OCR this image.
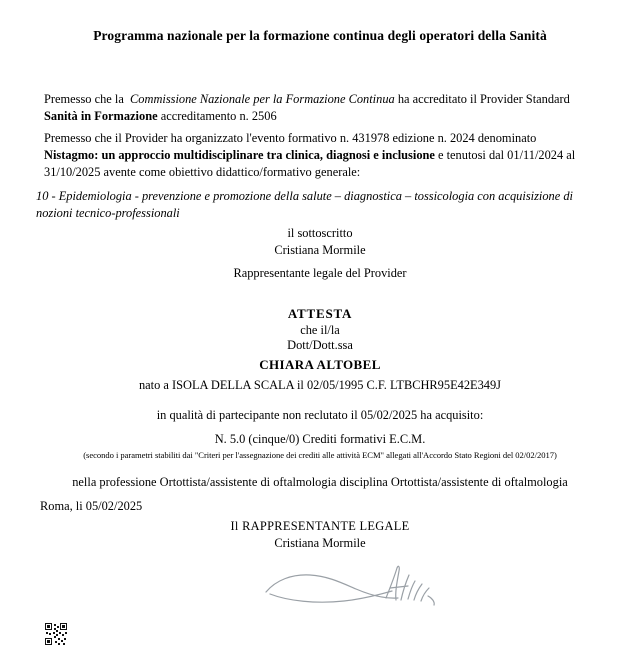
Programma nazionale per la formazione continua degli operatori della Sanità

Premesso che la Commissione Nazionale per la Formazione Continua ha accreditato il Provider Standard
Sanità in Formazione accreditamento n. 2506

Premesso che il Provider ha organizzato l'evento formativo n. 431978 edizione n. 2024 denominato
Nistagmo: un approccio multidisciplinare tra clinica, diagnosi e inclusione e tenutosi dal 01/11/2024 al 31/10/2025 avente come obiettivo didattico/formativo generale:

10 - Epidemiologia - prevenzione e promozione della salute – diagnostica – tossicologia con acquisizione di nozioni tecnico-professionali
il sottoscritto
Cristiana Mormile
Rappresentante legale del Provider
ATTESTA
che il/la
Dott/Dott.ssa
CHIARA ALTOBEL
nato a ISOLA DELLA SCALA il 02/05/1995 C.F. LTBCHR95E42E349J
in qualità di partecipante non reclutato il 05/02/2025 ha acquisito:
N. 5.0 (cinque/0) Crediti formativi E.C.M.
(secondo i parametri stabiliti dai "Criteri per l'assegnazione dei crediti alle attività ECM" allegati all'Accordo Stato Regioni del 02/02/2017)
nella professione Ortottista/assistente di oftalmologia disciplina Ortottista/assistente di oftalmologia
Roma, li 05/02/2025
Il RAPPRESENTANTE LEGALE
Cristiana Mormile
